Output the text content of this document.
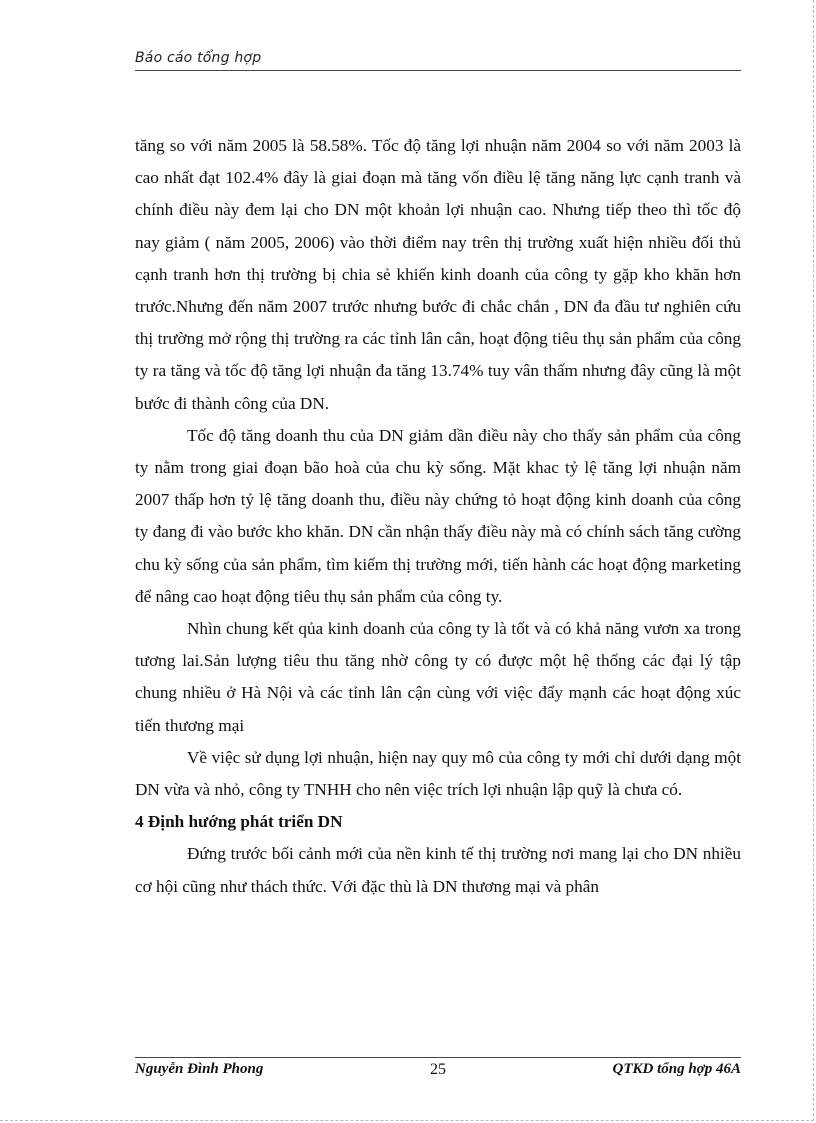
Báo cáo tổng hợp

tăng so với năm 2005 là 58.58%. Tốc độ tăng lợi nhuận năm 2004 so với năm 2003 là cao nhất đạt 102.4% đây là giai đoạn mà tăng vốn điều lệ tăng năng lực cạnh tranh và chính điều này đem lại cho DN một khoản lợi nhuận cao. Nhưng tiếp theo thì tốc độ nay giảm ( năm 2005, 2006) vào thời điểm nay trên thị trường xuất hiện nhiều đối thủ cạnh tranh hơn thị trường bị chia sẻ khiến kinh doanh của công ty gặp kho khăn hơn trước.Nhưng đến năm 2007 trước nhưng bước đi chắc chắn , DN đa đầu tư nghiên cứu thị trường mở rộng thị trường ra các tỉnh lân cân, hoạt động tiêu thụ sản phẩm của công ty ra tăng và tốc độ tăng lợi nhuận đa tăng 13.74% tuy vân thấm nhưng đây cũng là một bước đi thành công của DN.

Tốc độ tăng doanh thu của DN giảm dần điều này cho thấy sản phẩm của công ty nằm trong giai đoạn bão hoà của chu kỳ sống. Mặt khac tỷ lệ tăng lợi nhuận năm 2007 thấp hơn tỷ lệ tăng doanh thu, điều này chứng tỏ hoạt động kinh doanh của công ty đang đi vào bước kho khăn. DN cần nhận thấy điều này mà có chính sách tăng cường chu kỳ sống của sản phẩm, tìm kiếm thị trường mới, tiến hành các hoạt động marketing để nâng cao hoạt động tiêu thụ sản phẩm của công ty.

Nhìn chung kết qủa kinh doanh của công ty là tốt và có khả năng vươn xa trong tương lai.Sản lượng tiêu thu tăng nhờ công ty có được một hệ thống các đại lý tập chung nhiều ở Hà Nội và các tỉnh lân cận cùng với việc đẩy mạnh các hoạt động xúc tiến thương mại

Về việc sử dụng lợi nhuận, hiện nay quy mô của công ty mới chỉ dưới dạng một DN vừa và nhỏ, công ty TNHH cho nên việc trích lợi nhuận lập quỹ là chưa có.

4 Định hướng phát triển DN

Đứng trước bối cảnh mới của nền kinh tế thị trường nơi mang lại cho DN nhiều cơ hội cũng như thách thức. Với đặc thù là DN thương mại và phân

Nguyễn Đình Phong	25	QTKD tổng hợp 46A
